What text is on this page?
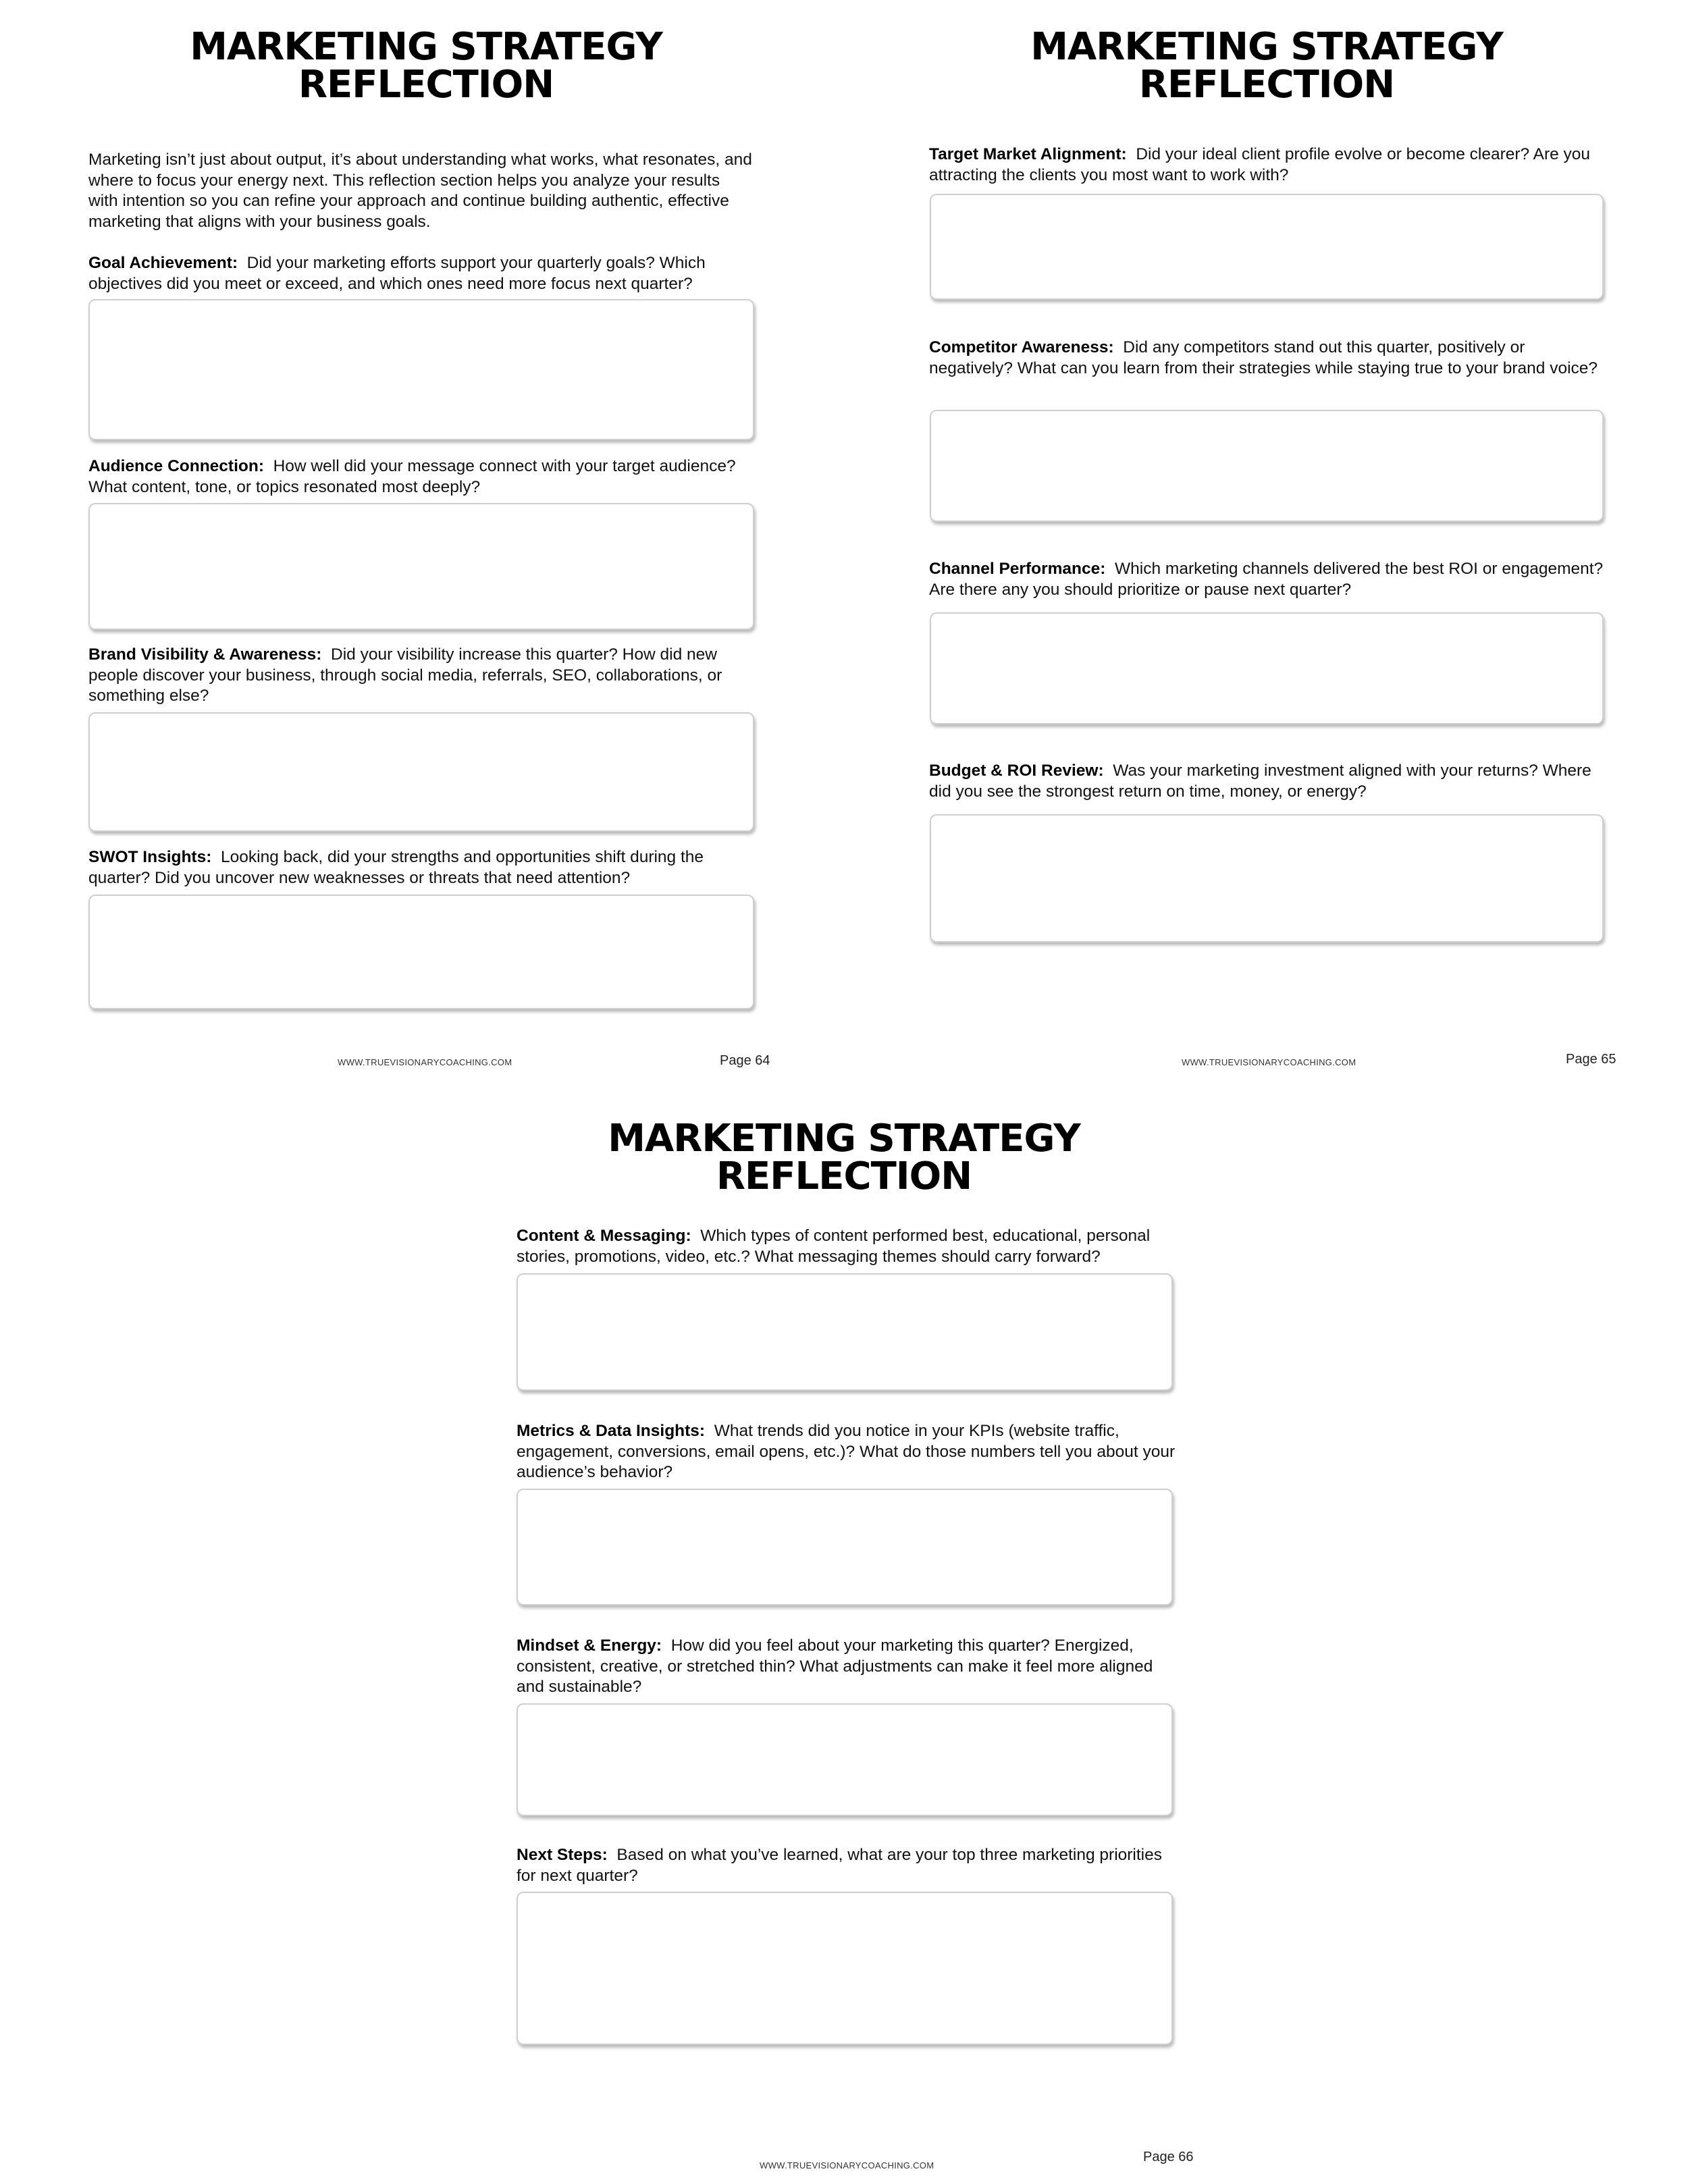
MARKETING STRATEGY
REFLECTION

Marketing isn’t just about output, it’s about understanding what works, what resonates, and where to focus your energy next. This reflection section helps you analyze your results with intention so you can refine your approach and continue building authentic, effective marketing that aligns with your business goals.

Goal Achievement: Did your marketing efforts support your quarterly goals? Which objectives did you meet or exceed, and which ones need more focus next quarter?

Audience Connection: How well did your message connect with your target audience? What content, tone, or topics resonated most deeply?

Brand Visibility & Awareness: Did your visibility increase this quarter? How did new people discover your business, through social media, referrals, SEO, collaborations, or something else?

SWOT Insights: Looking back, did your strengths and opportunities shift during the quarter? Did you uncover new weaknesses or threats that need attention?

WWW.TRUEVISIONARYCOACHING.COM	Page 64

MARKETING STRATEGY
REFLECTION

Target Market Alignment: Did your ideal client profile evolve or become clearer? Are you attracting the clients you most want to work with?

Competitor Awareness: Did any competitors stand out this quarter, positively or negatively? What can you learn from their strategies while staying true to your brand voice?

Channel Performance: Which marketing channels delivered the best ROI or engagement? Are there any you should prioritize or pause next quarter?

Budget & ROI Review: Was your marketing investment aligned with your returns? Where did you see the strongest return on time, money, or energy?

WWW.TRUEVISIONARYCOACHING.COM	Page 65

MARKETING STRATEGY
REFLECTION

Content & Messaging: Which types of content performed best, educational, personal stories, promotions, video, etc.? What messaging themes should carry forward?

Metrics & Data Insights: What trends did you notice in your KPIs (website traffic, engagement, conversions, email opens, etc.)? What do those numbers tell you about your audience’s behavior?

Mindset & Energy: How did you feel about your marketing this quarter? Energized, consistent, creative, or stretched thin? What adjustments can make it feel more aligned and sustainable?

Next Steps: Based on what you’ve learned, what are your top three marketing priorities for next quarter?

WWW.TRUEVISIONARYCOACHING.COM

Page 66
